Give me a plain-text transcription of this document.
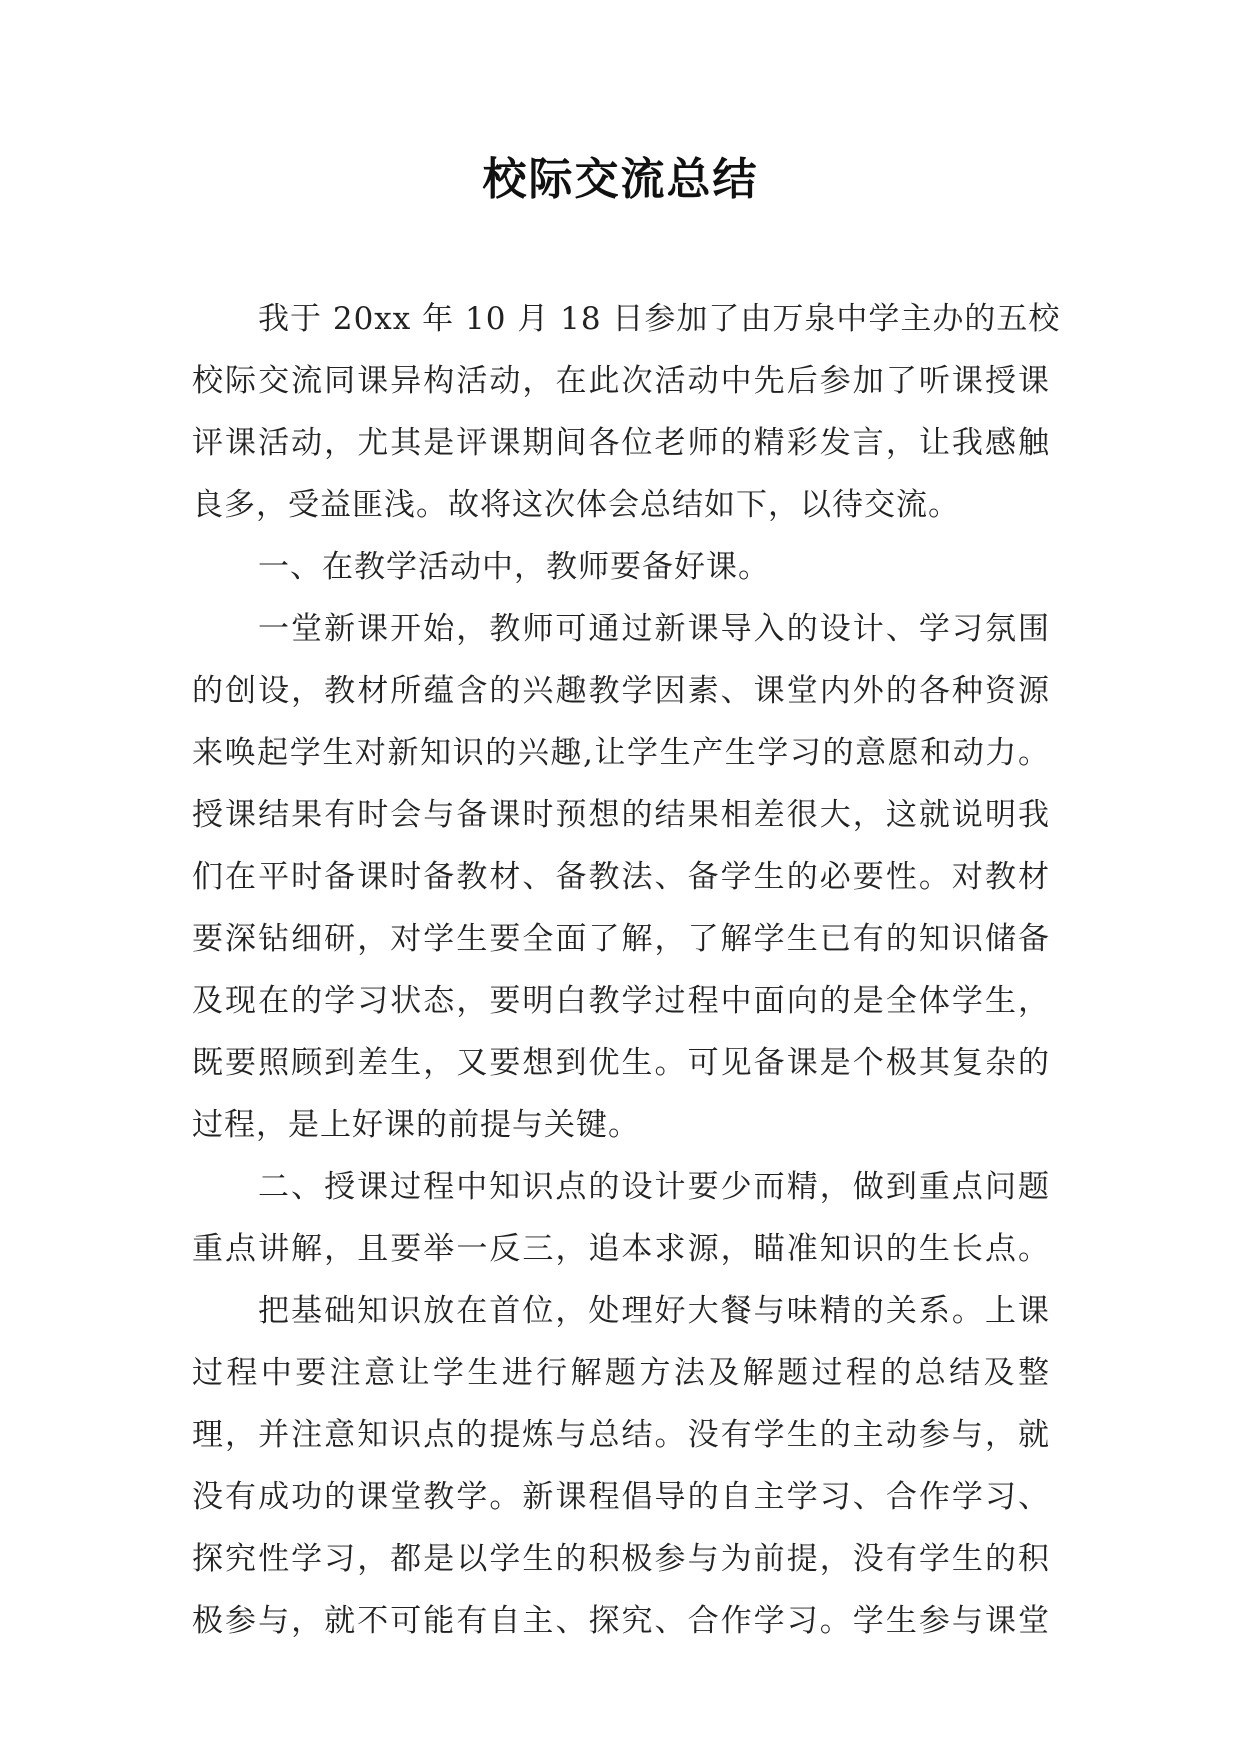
校际交流总结
我于 20xx 年 10 月 18 日参加了由万泉中学主办的五校
校际交流同课异构活动，在此次活动中先后参加了听课授课
评课活动，尤其是评课期间各位老师的精彩发言，让我感触
良多，受益匪浅。故将这次体会总结如下，以待交流。
一、在教学活动中，教师要备好课。
一堂新课开始，教师可通过新课导入的设计、学习氛围
的创设，教材所蕴含的兴趣教学因素、课堂内外的各种资源
来唤起学生对新知识的兴趣,让学生产生学习的意愿和动力。
授课结果有时会与备课时预想的结果相差很大，这就说明我
们在平时备课时备教材、备教法、备学生的必要性。对教材
要深钻细研，对学生要全面了解，了解学生已有的知识储备
及现在的学习状态，要明白教学过程中面向的是全体学生，
既要照顾到差生，又要想到优生。可见备课是个极其复杂的
过程，是上好课的前提与关键。
二、授课过程中知识点的设计要少而精，做到重点问题
重点讲解，且要举一反三，追本求源，瞄准知识的生长点。
把基础知识放在首位，处理好大餐与味精的关系。上课
过程中要注意让学生进行解题方法及解题过程的总结及整
理，并注意知识点的提炼与总结。没有学生的主动参与，就
没有成功的课堂教学。新课程倡导的自主学习、合作学习、
探究性学习，都是以学生的积极参与为前提，没有学生的积
极参与，就不可能有自主、探究、合作学习。学生参与课堂
